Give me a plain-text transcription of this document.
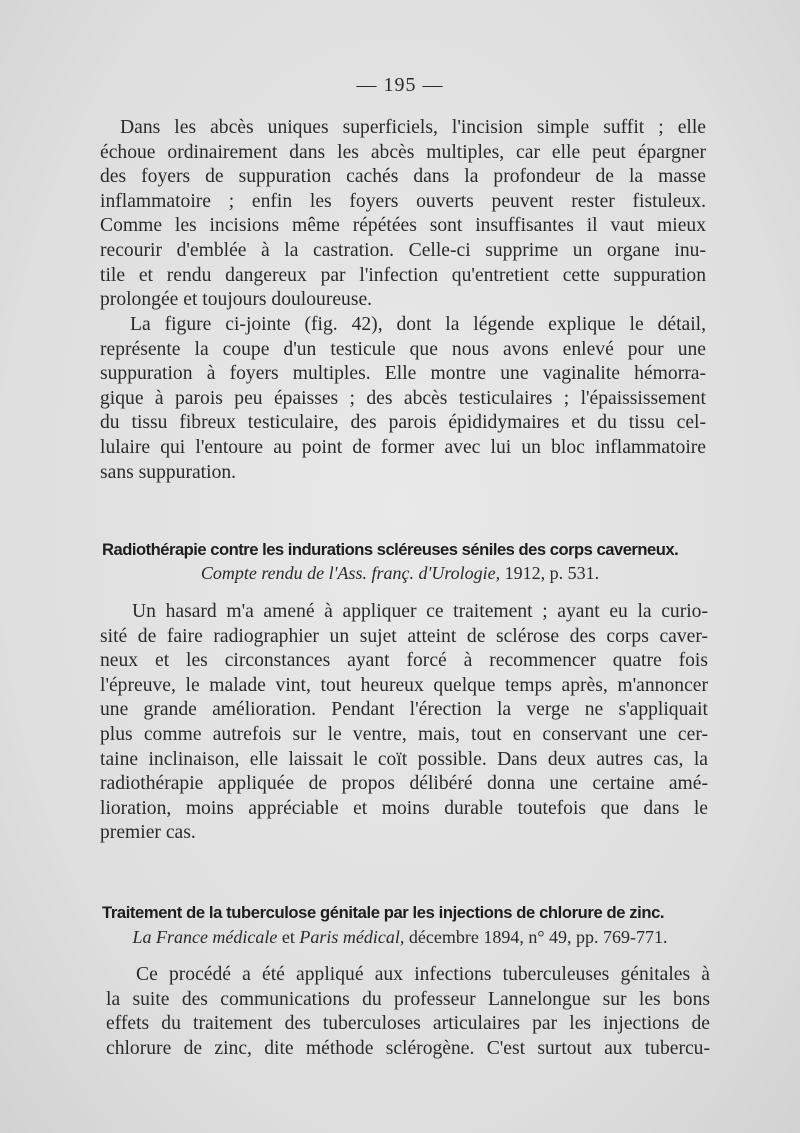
— 195 —

Dans les abcès uniques superficiels, l'incision simple suffit ; elle
échoue ordinairement dans les abcès multiples, car elle peut épargner
des foyers de suppuration cachés dans la profondeur de la masse
inflammatoire ; enfin les foyers ouverts peuvent rester fistuleux.
Comme les incisions même répétées sont insuffisantes il vaut mieux
recourir d'emblée à la castration. Celle-ci supprime un organe inu-
tile et rendu dangereux par l'infection qu'entretient cette suppuration
prolongée et toujours douloureuse.

La figure ci-jointe (fig. 42), dont la légende explique le détail,
représente la coupe d'un testicule que nous avons enlevé pour une
suppuration à foyers multiples. Elle montre une vaginalite hémorra-
gique à parois peu épaisses ; des abcès testiculaires ; l'épaississement
du tissu fibreux testiculaire, des parois épididymaires et du tissu cel-
lulaire qui l'entoure au point de former avec lui un bloc inflammatoire
sans suppuration.

Radiothérapie contre les indurations scléreuses séniles des corps caverneux.
Compte rendu de l'Ass. franç. d'Urologie, 1912, p. 531.

Un hasard m'a amené à appliquer ce traitement ; ayant eu la curio-
sité de faire radiographier un sujet atteint de sclérose des corps caver-
neux et les circonstances ayant forcé à recommencer quatre fois
l'épreuve, le malade vint, tout heureux quelque temps après, m'annoncer
une grande amélioration. Pendant l'érection la verge ne s'appliquait
plus comme autrefois sur le ventre, mais, tout en conservant une cer-
taine inclinaison, elle laissait le coït possible. Dans deux autres cas, la
radiothérapie appliquée de propos délibéré donna une certaine amé-
lioration, moins appréciable et moins durable toutefois que dans le
premier cas.

Traitement de la tuberculose génitale par les injections de chlorure de zinc.
La France médicale et Paris médical, décembre 1894, n° 49, pp. 769-771.

Ce procédé a été appliqué aux infections tuberculeuses génitales à
la suite des communications du professeur Lannelongue sur les bons
effets du traitement des tuberculoses articulaires par les injections de
chlorure de zinc, dite méthode sclérogène. C'est surtout aux tubercu-
